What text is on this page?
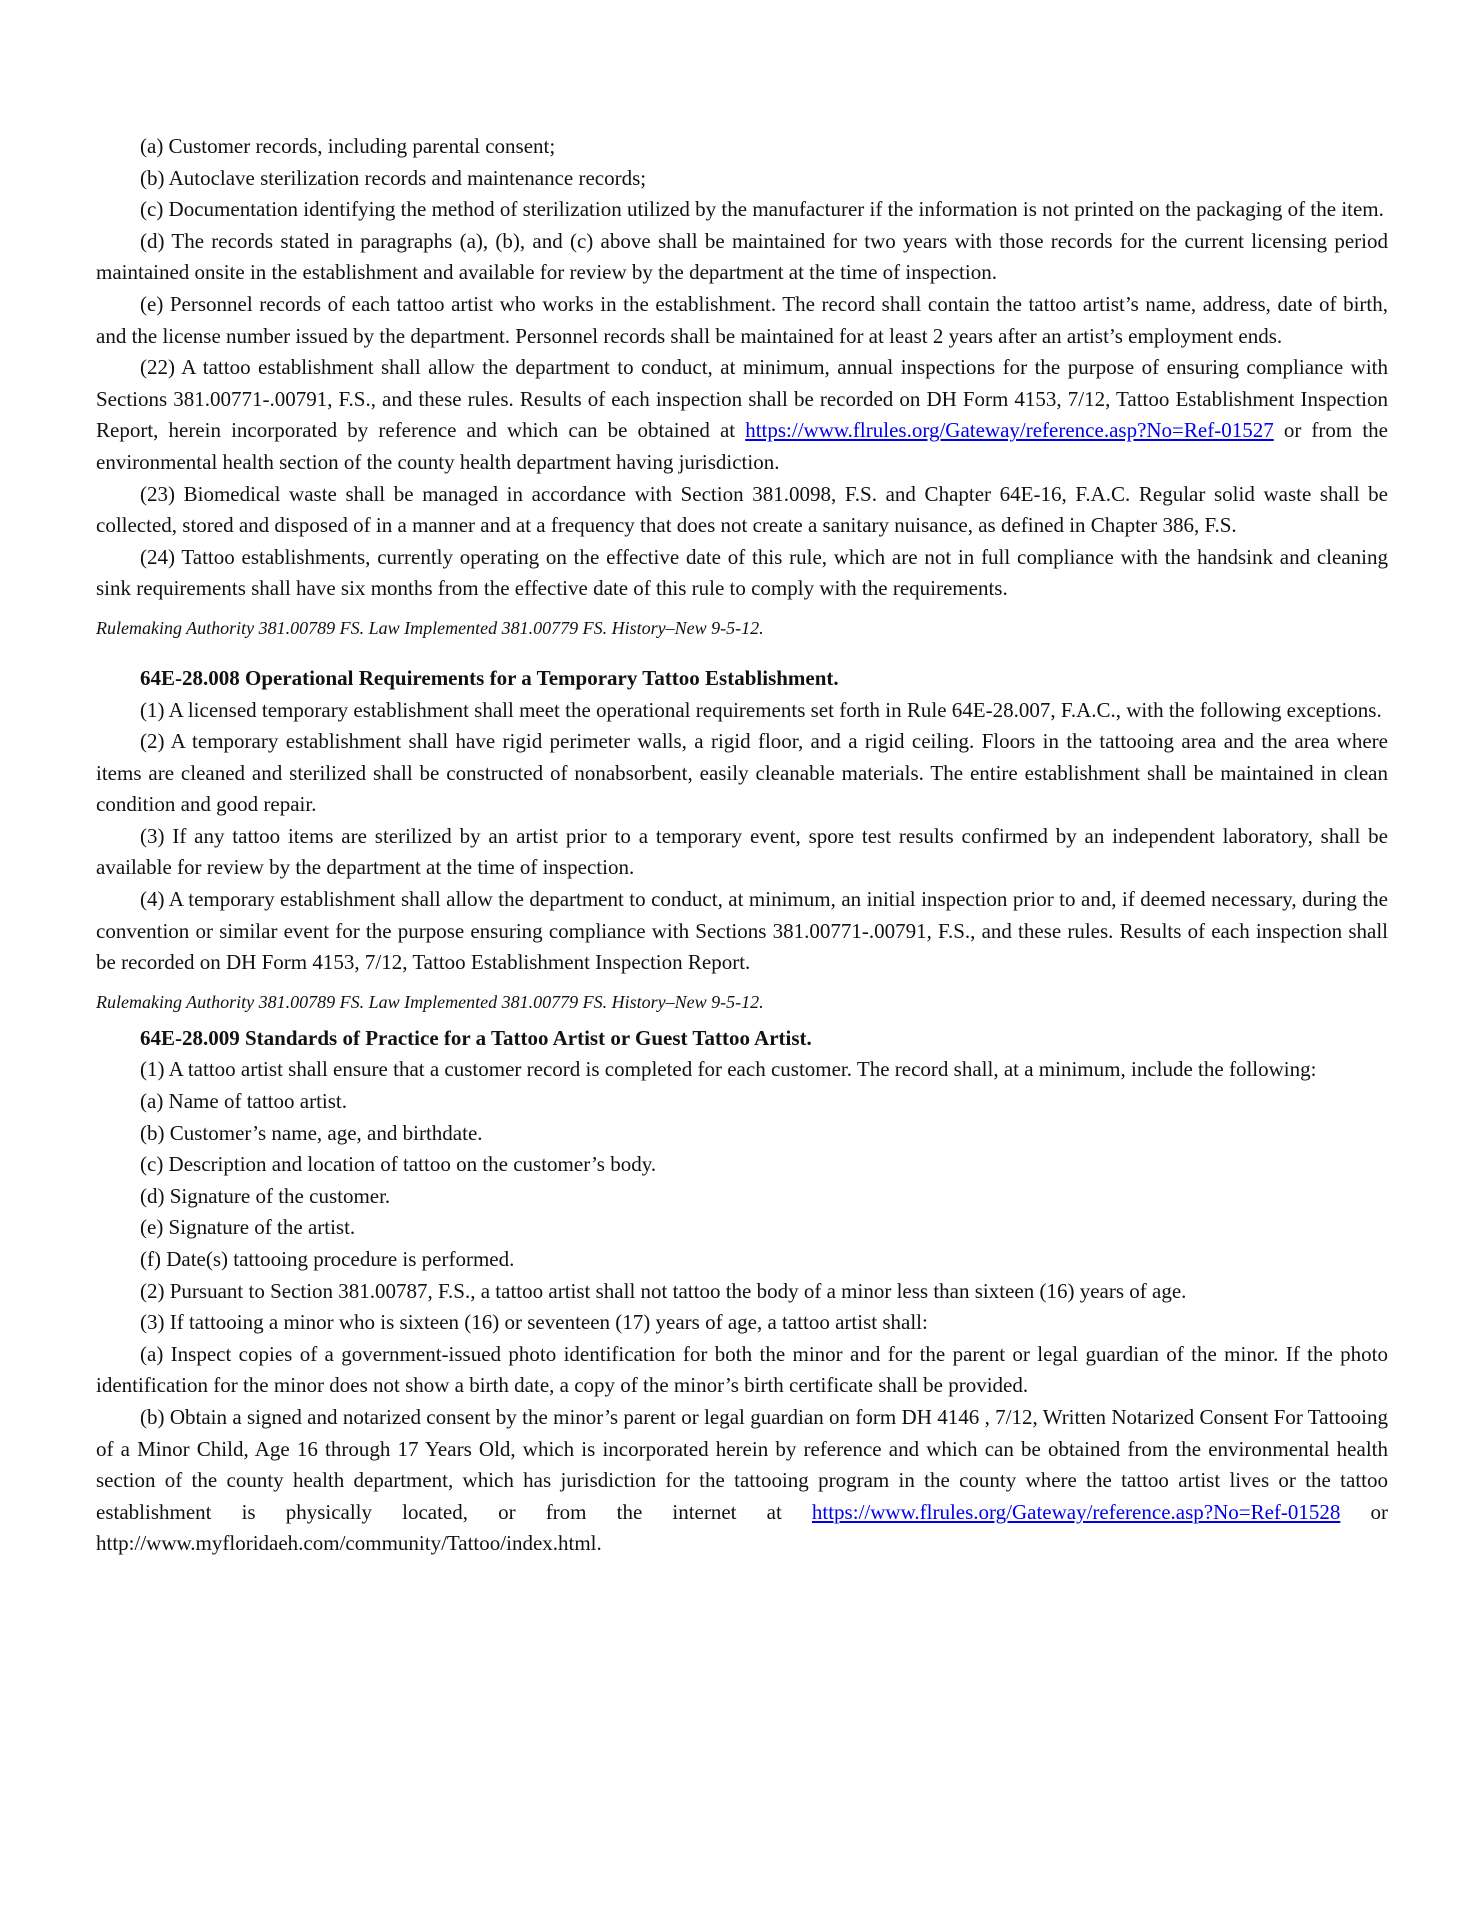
(a) Customer records, including parental consent;

(b) Autoclave sterilization records and maintenance records;

(c) Documentation identifying the method of sterilization utilized by the manufacturer if the information is not printed on the packaging of the item.

(d) The records stated in paragraphs (a), (b), and (c) above shall be maintained for two years with those records for the current licensing period maintained onsite in the establishment and available for review by the department at the time of inspection.

(e) Personnel records of each tattoo artist who works in the establishment. The record shall contain the tattoo artist’s name, address, date of birth, and the license number issued by the department. Personnel records shall be maintained for at least 2 years after an artist’s employment ends.

(22) A tattoo establishment shall allow the department to conduct, at minimum, annual inspections for the purpose of ensuring compliance with Sections 381.00771-.00791, F.S., and these rules. Results of each inspection shall be recorded on DH Form 4153, 7/12, Tattoo Establishment Inspection Report, herein incorporated by reference and which can be obtained at https://www.flrules.org/Gateway/reference.asp?No=Ref-01527 or from the environmental health section of the county health department having jurisdiction.

(23) Biomedical waste shall be managed in accordance with Section 381.0098, F.S. and Chapter 64E-16, F.A.C. Regular solid waste shall be collected, stored and disposed of in a manner and at a frequency that does not create a sanitary nuisance, as defined in Chapter 386, F.S.

(24) Tattoo establishments, currently operating on the effective date of this rule, which are not in full compliance with the handsink and cleaning sink requirements shall have six months from the effective date of this rule to comply with the requirements.

Rulemaking Authority 381.00789 FS. Law Implemented 381.00779 FS. History–New 9-5-12.

64E-28.008 Operational Requirements for a Temporary Tattoo Establishment.

(1) A licensed temporary establishment shall meet the operational requirements set forth in Rule 64E-28.007, F.A.C., with the following exceptions.

(2) A temporary establishment shall have rigid perimeter walls, a rigid floor, and a rigid ceiling. Floors in the tattooing area and the area where items are cleaned and sterilized shall be constructed of nonabsorbent, easily cleanable materials. The entire establishment shall be maintained in clean condition and good repair.

(3) If any tattoo items are sterilized by an artist prior to a temporary event, spore test results confirmed by an independent laboratory, shall be available for review by the department at the time of inspection.

(4) A temporary establishment shall allow the department to conduct, at minimum, an initial inspection prior to and, if deemed necessary, during the convention or similar event for the purpose ensuring compliance with Sections 381.00771-.00791, F.S., and these rules. Results of each inspection shall be recorded on DH Form 4153, 7/12, Tattoo Establishment Inspection Report.

Rulemaking Authority 381.00789 FS. Law Implemented 381.00779 FS. History–New 9-5-12.

64E-28.009 Standards of Practice for a Tattoo Artist or Guest Tattoo Artist.

(1) A tattoo artist shall ensure that a customer record is completed for each customer. The record shall, at a minimum, include the following:

(a) Name of tattoo artist.

(b) Customer’s name, age, and birthdate.

(c) Description and location of tattoo on the customer’s body.

(d) Signature of the customer.

(e) Signature of the artist.

(f) Date(s) tattooing procedure is performed.

(2) Pursuant to Section 381.00787, F.S., a tattoo artist shall not tattoo the body of a minor less than sixteen (16) years of age.

(3) If tattooing a minor who is sixteen (16) or seventeen (17) years of age, a tattoo artist shall:

(a) Inspect copies of a government-issued photo identification for both the minor and for the parent or legal guardian of the minor. If the photo identification for the minor does not show a birth date, a copy of the minor’s birth certificate shall be provided.

(b) Obtain a signed and notarized consent by the minor’s parent or legal guardian on form DH 4146 , 7/12, Written Notarized Consent For Tattooing of a Minor Child, Age 16 through 17 Years Old, which is incorporated herein by reference and which can be obtained from the environmental health section of the county health department, which has jurisdiction for the tattooing program in the county where the tattoo artist lives or the tattoo establishment is physically located, or from the internet at https://www.flrules.org/Gateway/reference.asp?No=Ref-01528 or http://www.myfloridaeh.com/community/Tattoo/index.html.
